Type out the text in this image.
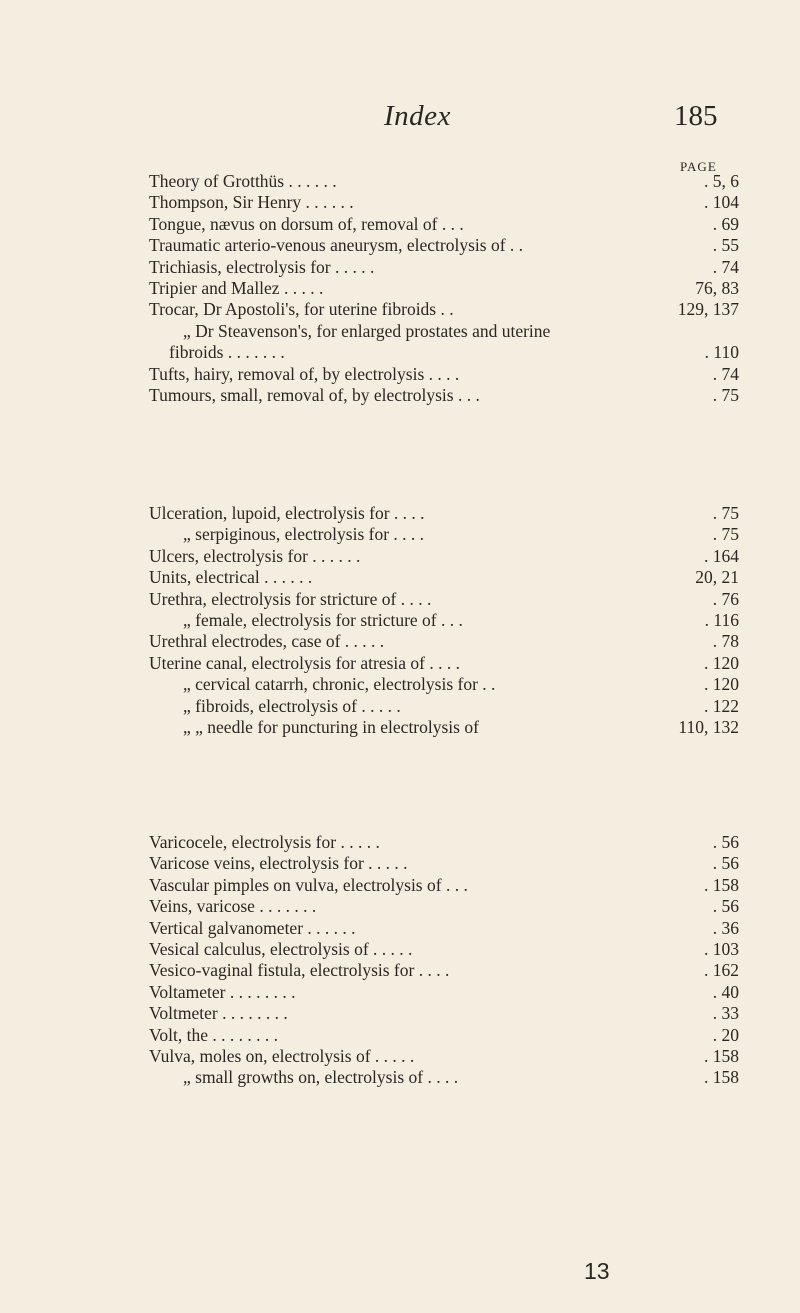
Index	185
PAGE
Theory of Grotthüs . . . . . .	. 5, 6
Thompson, Sir Henry . . . . . .	. 104
Tongue, nævus on dorsum of, removal of . . .	. 69
Traumatic arterio-venous aneurysm, electrolysis of . .	. 55
Trichiasis, electrolysis for . . . . .	. 74
Tripier and Mallez . . . . .	76, 83
Trocar, Dr Apostoli's, for uterine fibroids . .	129, 137
„ Dr Steavenson's, for enlarged prostates and uterine
fibroids . . . . . . .	. 110
Tufts, hairy, removal of, by electrolysis . . . .	. 74
Tumours, small, removal of, by electrolysis . . .	. 75
Ulceration, lupoid, electrolysis for . . . .	. 75
„ serpiginous, electrolysis for . . . .	. 75
Ulcers, electrolysis for . . . . . .	. 164
Units, electrical . . . . . .	20, 21
Urethra, electrolysis for stricture of . . . .	. 76
„ female, electrolysis for stricture of . . .	. 116
Urethral electrodes, case of . . . . .	. 78
Uterine canal, electrolysis for atresia of . . . .	. 120
„ cervical catarrh, chronic, electrolysis for . .	. 120
„ fibroids, electrolysis of . . . . .	. 122
„ „ needle for puncturing in electrolysis of	110, 132
Varicocele, electrolysis for . . . . .	. 56
Varicose veins, electrolysis for . . . . .	. 56
Vascular pimples on vulva, electrolysis of . . .	. 158
Veins, varicose . . . . . . .	. 56
Vertical galvanometer . . . . . .	. 36
Vesical calculus, electrolysis of . . . . .	. 103
Vesico-vaginal fistula, electrolysis for . . . .	. 162
Voltameter . . . . . . . .	. 40
Voltmeter . . . . . . . .	. 33
Volt, the . . . . . . . .	. 20
Vulva, moles on, electrolysis of . . . . .	. 158
„ small growths on, electrolysis of . . . .	. 158
13
